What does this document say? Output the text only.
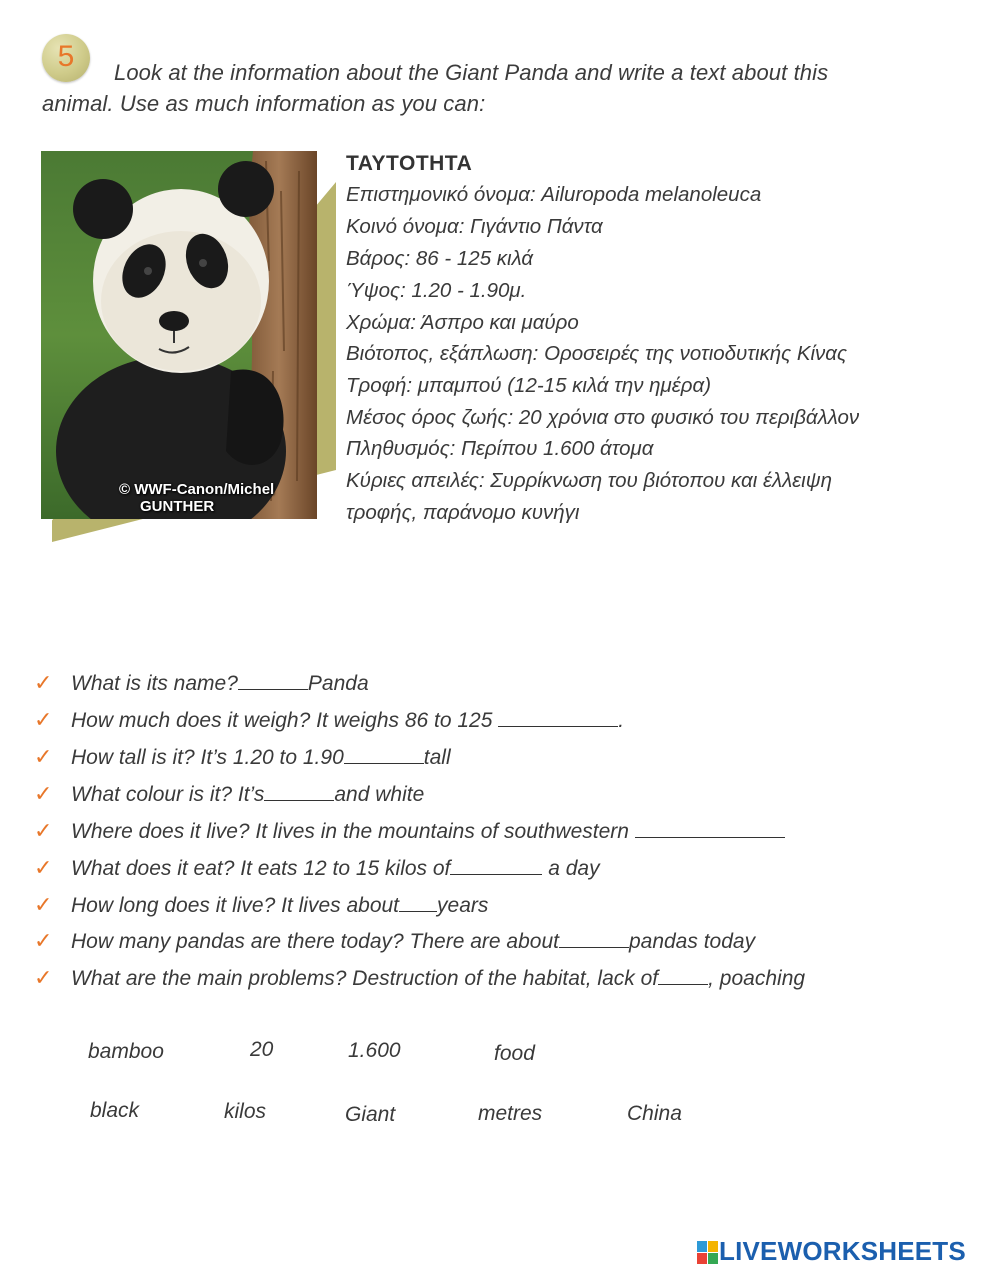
5	Look at the information about the Giant Panda and write a text about this
animal. Use as much information as you can:
© WWF-Canon/Michel
GUNTHER
ΤΑΥΤΟΤΗΤΑ
Επιστημονικό όνομα: Ailuropoda melanoleuca
Κοινό όνομα: Γιγάντιο Πάντα
Βάρος: 86 - 125 κιλά
Ύψος: 1.20 - 1.90μ.
Χρώμα: Άσπρο και μαύρο
Βιότοπος, εξάπλωση: Οροσειρές της νοτιοδυτικής Κίνας
Τροφή: μπαμπού (12-15 κιλά την ημέρα)
Μέσος όρος ζωής: 20 χρόνια στο φυσικό του περιβάλλον
Πληθυσμός: Περίπου 1.600 άτομα
Κύριες απειλές: Συρρίκνωση του βιότοπου και έλλειψη
τροφής, παράνομο κυνήγι
✓ What is its name?	Panda
✓ How much does it weigh? It weighs 86 to 125	.
✓ How tall is it? It’s 1.20 to 1.90	tall
✓ What colour is it? It’s	and white
✓ Where does it live? It lives in the mountains of southwestern
✓ What does it eat? It eats 12 to 15 kilos of	a day
✓ How long does it live? It lives about years
✓ How many pandas are there today? There are about	pandas today
✓ What are the main problems? Destruction of the habitat, lack of , poaching
bamboo	20	1.600	food
black	kilos	Giant	metres	China
LIVEWORKSHEETS
